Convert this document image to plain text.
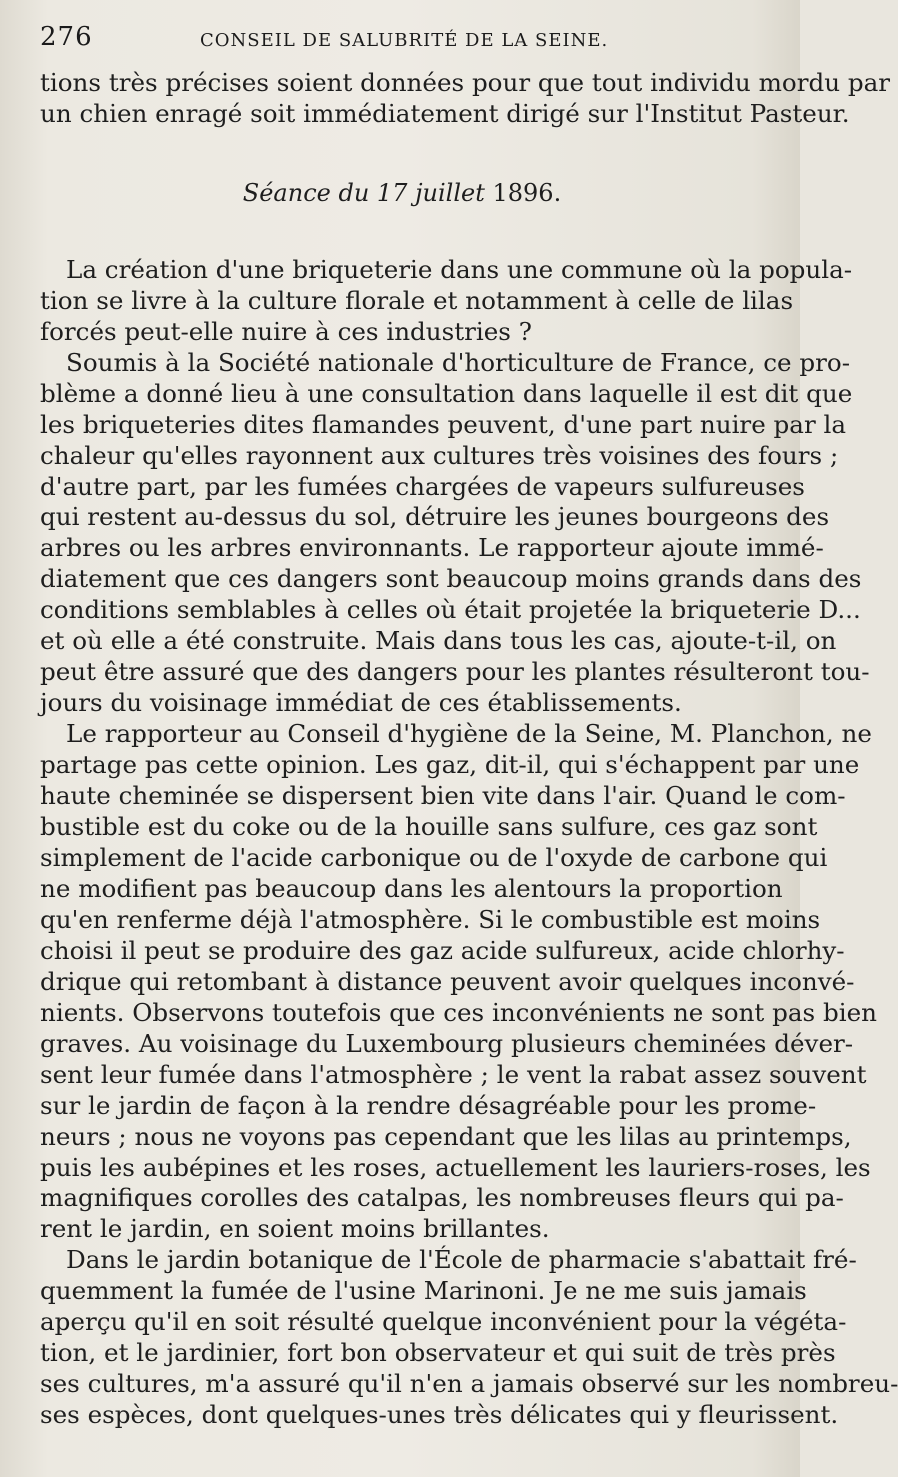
276	CONSEIL DE SALUBRITÉ DE LA SEINE.
tions très précises soient données pour que tout individu mordu par
un chien enragé soit immédiatement dirigé sur l'Institut Pasteur.
Séance du 17 juillet 1896.
La création d'une briqueterie dans une commune où la popula-
tion se livre à la culture florale et notamment à celle de lilas
forcés peut-elle nuire à ces industries ?
Soumis à la Société nationale d'horticulture de France, ce pro-
blème a donné lieu à une consultation dans laquelle il est dit que
les briqueteries dites flamandes peuvent, d'une part nuire par la
chaleur qu'elles rayonnent aux cultures très voisines des fours ;
d'autre part, par les fumées chargées de vapeurs sulfureuses
qui restent au-dessus du sol, détruire les jeunes bourgeons des
arbres ou les arbres environnants. Le rapporteur ajoute immé-
diatement que ces dangers sont beaucoup moins grands dans des
conditions semblables à celles où était projetée la briqueterie D...
et où elle a été construite. Mais dans tous les cas, ajoute-t-il, on
peut être assuré que des dangers pour les plantes résulteront tou-
jours du voisinage immédiat de ces établissements.
Le rapporteur au Conseil d'hygiène de la Seine, M. Planchon, ne
partage pas cette opinion. Les gaz, dit-il, qui s'échappent par une
haute cheminée se dispersent bien vite dans l'air. Quand le com-
bustible est du coke ou de la houille sans sulfure, ces gaz sont
simplement de l'acide carbonique ou de l'oxyde de carbone qui
ne modifient pas beaucoup dans les alentours la proportion
qu'en renferme déjà l'atmosphère. Si le combustible est moins
choisi il peut se produire des gaz acide sulfureux, acide chlorhy-
drique qui retombant à distance peuvent avoir quelques inconvé-
nients. Observons toutefois que ces inconvénients ne sont pas bien
graves. Au voisinage du Luxembourg plusieurs cheminées déver-
sent leur fumée dans l'atmosphère ; le vent la rabat assez souvent
sur le jardin de façon à la rendre désagréable pour les prome-
neurs ; nous ne voyons pas cependant que les lilas au printemps,
puis les aubépines et les roses, actuellement les lauriers-roses, les
magnifiques corolles des catalpas, les nombreuses fleurs qui pa-
rent le jardin, en soient moins brillantes.
Dans le jardin botanique de l'École de pharmacie s'abattait fré-
quemment la fumée de l'usine Marinoni. Je ne me suis jamais
aperçu qu'il en soit résulté quelque inconvénient pour la végéta-
tion, et le jardinier, fort bon observateur et qui suit de très près
ses cultures, m'a assuré qu'il n'en a jamais observé sur les nombreu-
ses espèces, dont quelques-unes très délicates qui y fleurissent.
